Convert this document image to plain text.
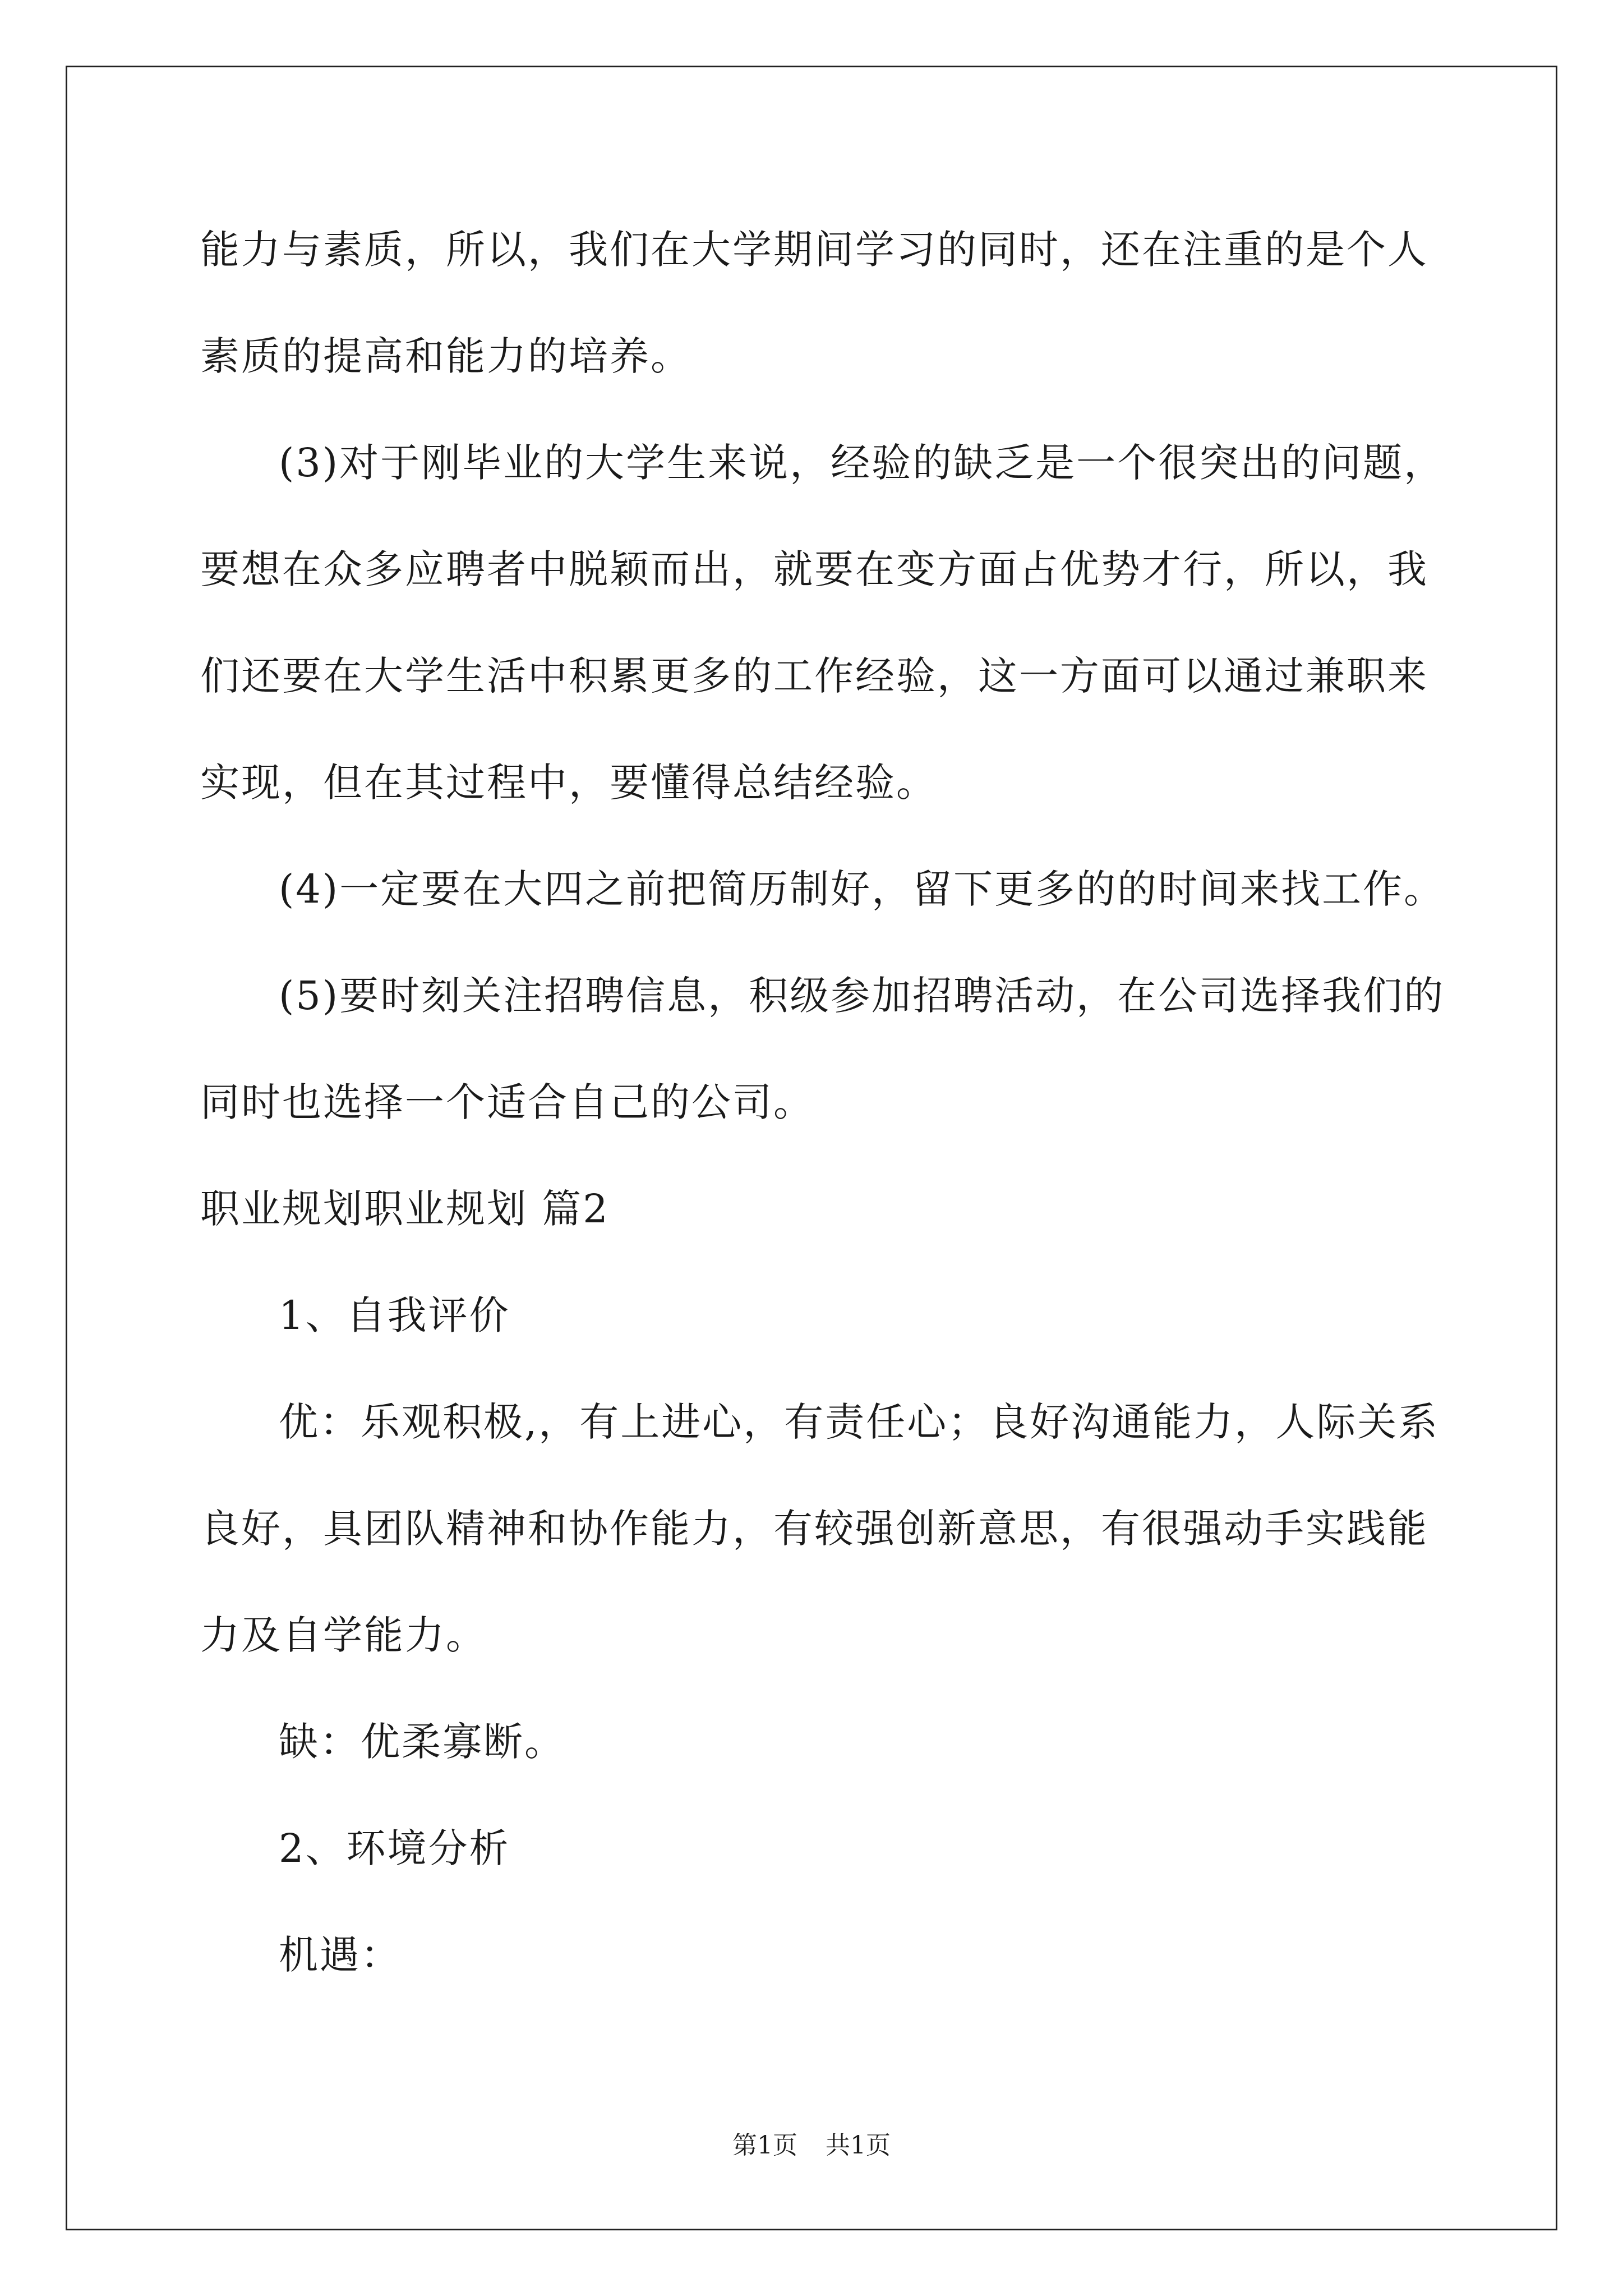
能力与素质，所以，我们在大学期间学习的同时，还在注重的是个人
素质的提高和能力的培养。
(3)对于刚毕业的大学生来说，经验的缺乏是一个很突出的问题，
要想在众多应聘者中脱颖而出，就要在变方面占优势才行，所以，我
们还要在大学生活中积累更多的工作经验，这一方面可以通过兼职来
实现，但在其过程中，要懂得总结经验。
(4)一定要在大四之前把简历制好，留下更多的的时间来找工作。
(5)要时刻关注招聘信息，积级参加招聘活动，在公司选择我们的
同时也选择一个适合自己的公司。
职业规划职业规划 篇2
1、自我评价
优：乐观积极,，有上进心，有责任心；良好沟通能力，人际关系
良好，具团队精神和协作能力，有较强创新意思，有很强动手实践能
力及自学能力。
缺：优柔寡断。
2、环境分析
机遇：
第1页 共1页
